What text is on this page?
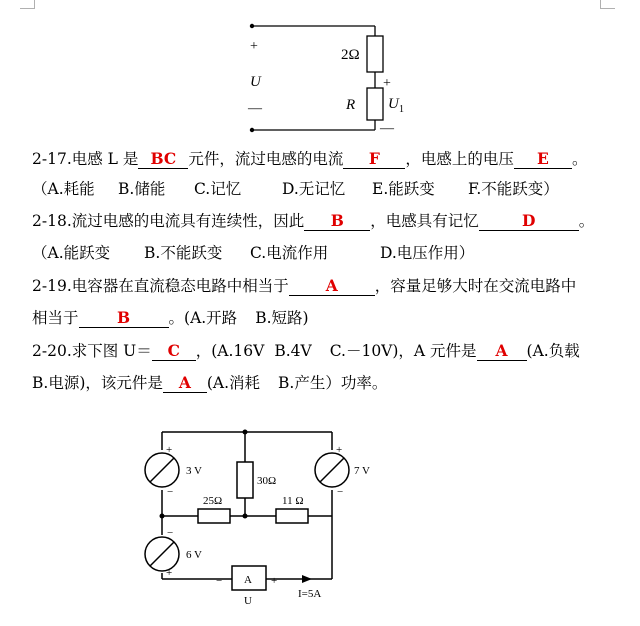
+
U
—
2Ω
R
+
U 1
—
2-17.电感 L 是 BC 元件，流过电感的电流 F ，电感上的电压 E 。
（A.耗能 B.储能 C.记忆	D.无记忆 E.能跃变 F.不能跃变）
2-18.流过电感的电流具有连续性，因此 B ，电感具有记忆	D	。
（A.能跃变 B.不能跃变 C.电流作用	D.电压作用）
2-19.电容器在直流稳态电路中相当于 A ，容量足够大时在交流电路中
相当于 B 。(A.开路 B.短路)
2-20.求下图 U＝ C ，(A.16V B.4V C.－10V)，A 元件是 A (A.负载
B.电源)，该元件是 A (A.消耗 B.产生）功率。
+
−
3 V
30Ω
+
−
7 V
25Ω	11 Ω
−
6 V
+
− A +
U
I=5A
